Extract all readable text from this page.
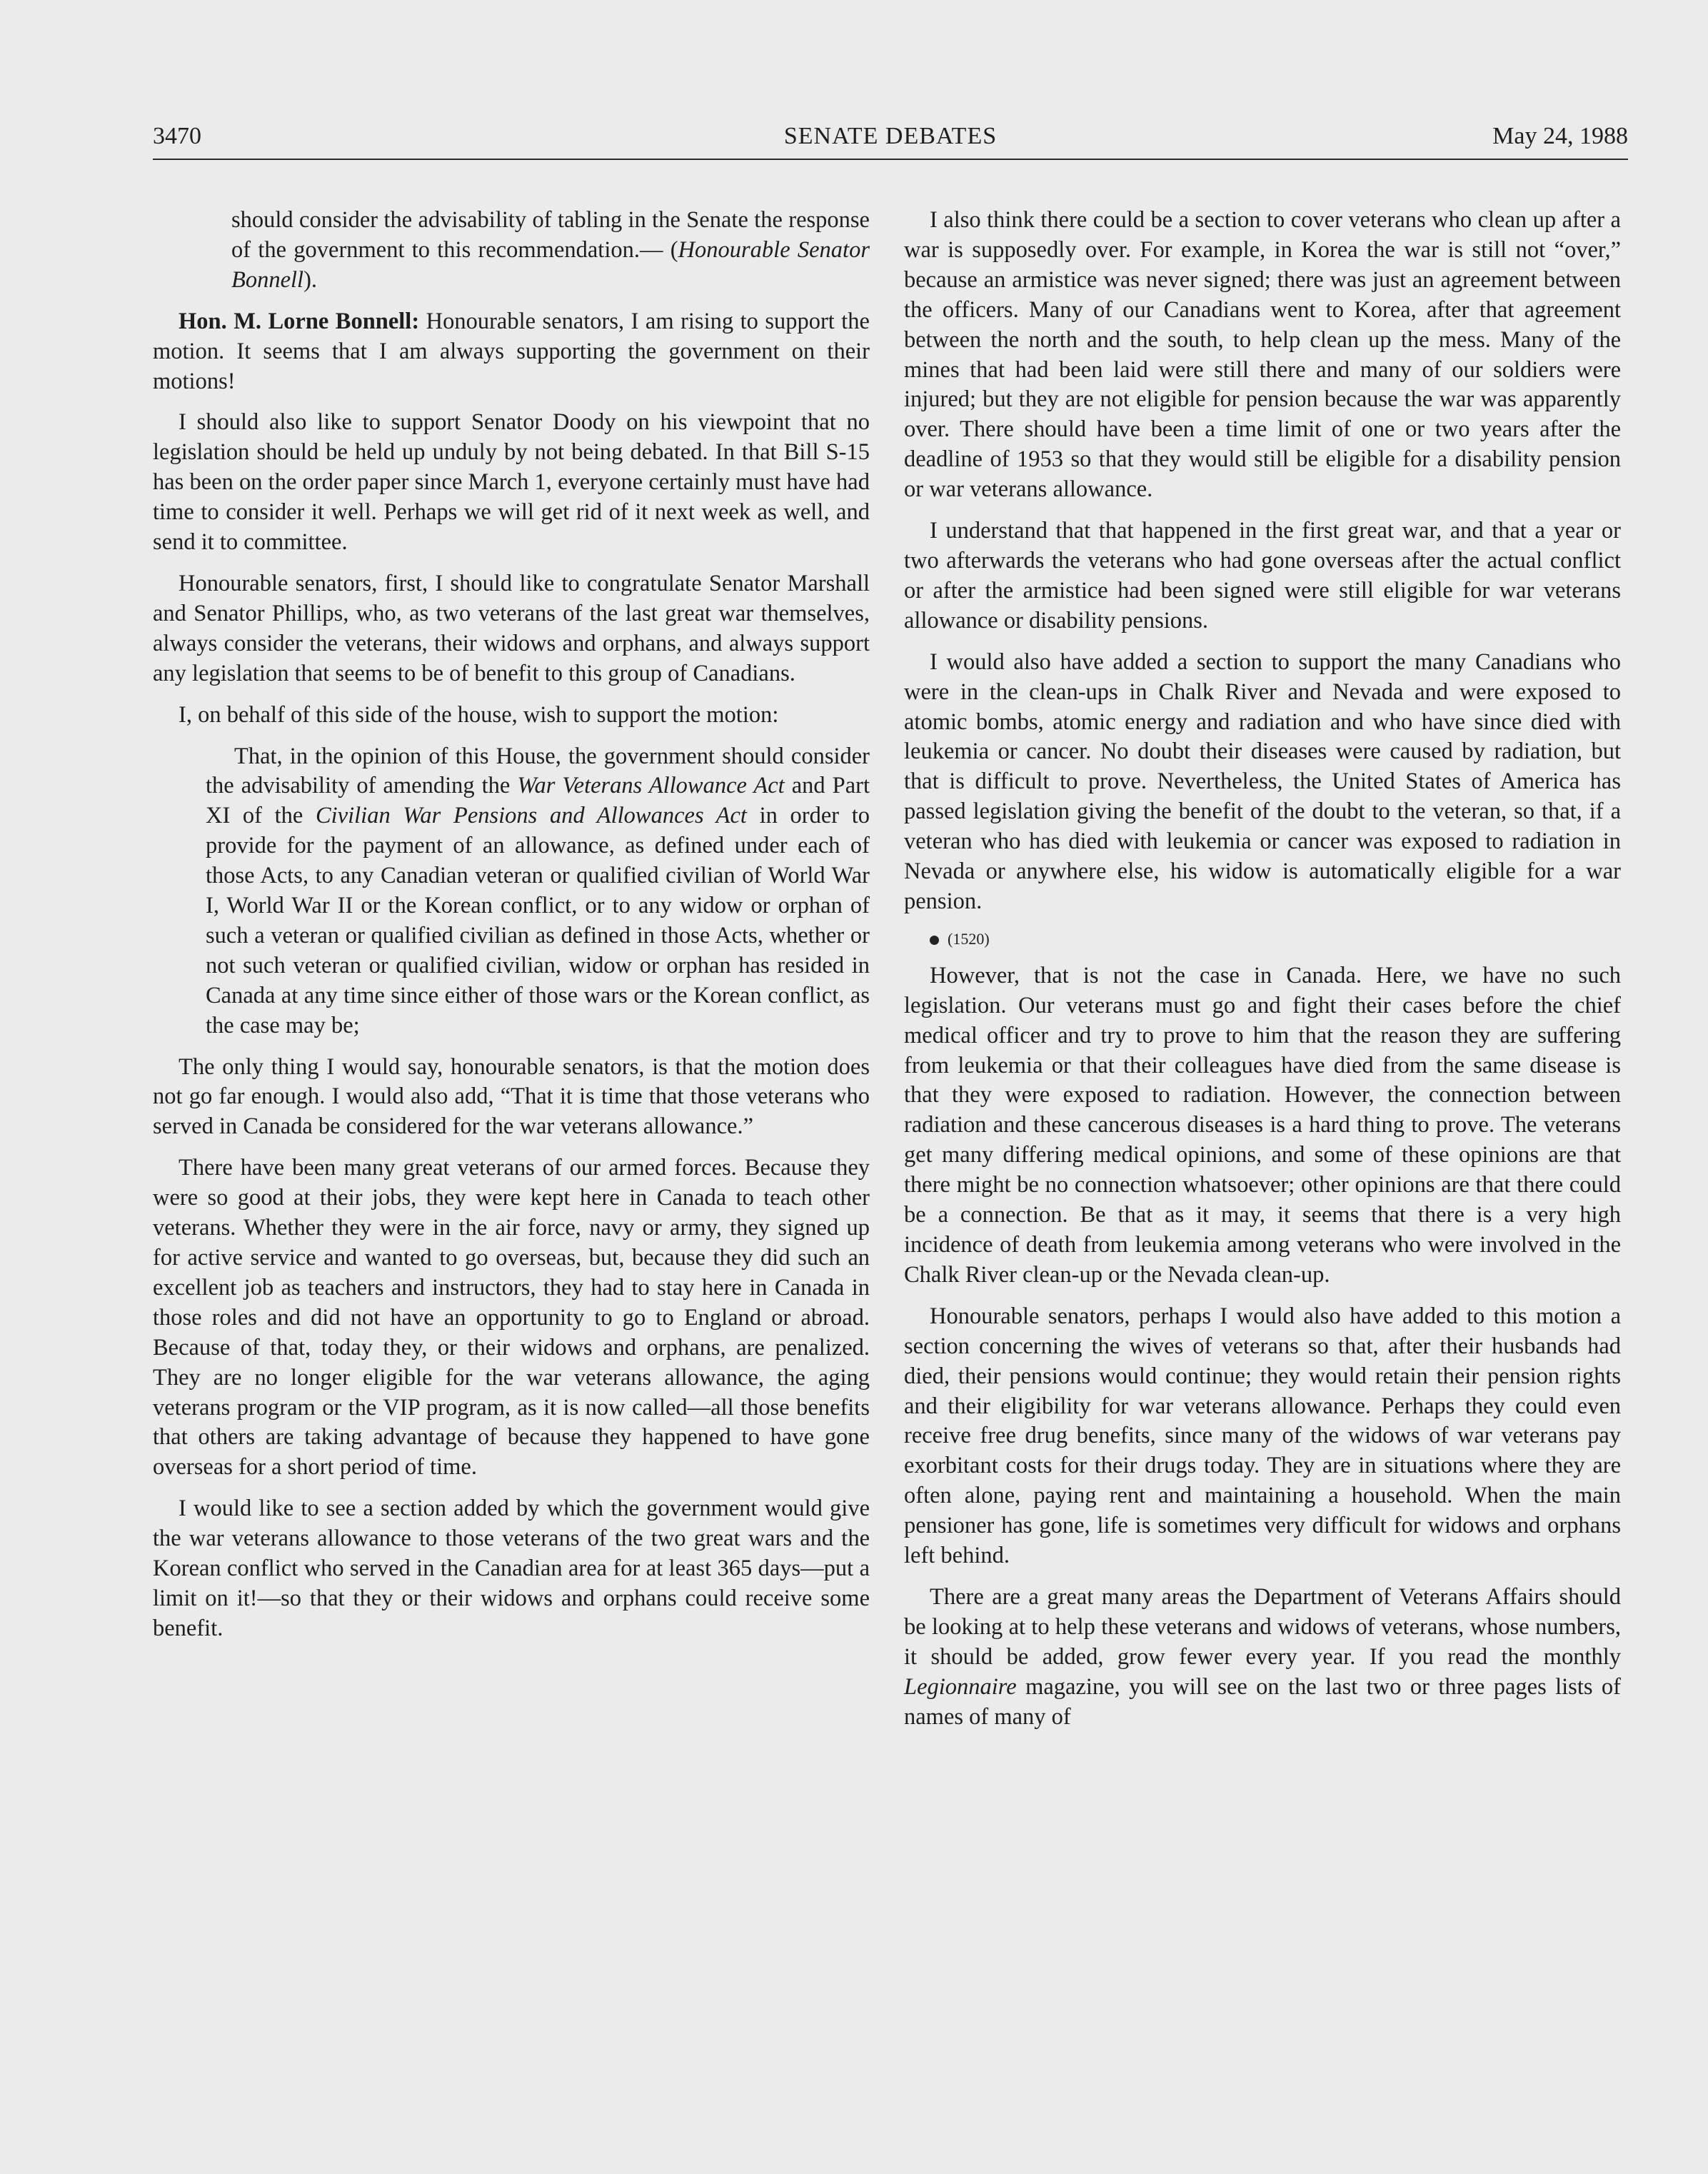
3470	SENATE DEBATES	May 24, 1988

should consider the advisability of tabling in the Senate the response of the government to this recommendation.— (Honourable Senator Bonnell).

Hon. M. Lorne Bonnell: Honourable senators, I am rising to support the motion. It seems that I am always supporting the government on their motions!

I should also like to support Senator Doody on his viewpoint that no legislation should be held up unduly by not being debated. In that Bill S-15 has been on the order paper since March 1, everyone certainly must have had time to consider it well. Perhaps we will get rid of it next week as well, and send it to committee.

Honourable senators, first, I should like to congratulate Senator Marshall and Senator Phillips, who, as two veterans of the last great war themselves, always consider the veterans, their widows and orphans, and always support any legislation that seems to be of benefit to this group of Canadians.

I, on behalf of this side of the house, wish to support the motion:

That, in the opinion of this House, the government should consider the advisability of amending the War Veterans Allowance Act and Part XI of the Civilian War Pensions and Allowances Act in order to provide for the payment of an allowance, as defined under each of those Acts, to any Canadian veteran or qualified civilian of World War I, World War II or the Korean conflict, or to any widow or orphan of such a veteran or qualified civilian as defined in those Acts, whether or not such veteran or qualified civilian, widow or orphan has resided in Canada at any time since either of those wars or the Korean conflict, as the case may be;

The only thing I would say, honourable senators, is that the motion does not go far enough. I would also add, “That it is time that those veterans who served in Canada be considered for the war veterans allowance.”

There have been many great veterans of our armed forces. Because they were so good at their jobs, they were kept here in Canada to teach other veterans. Whether they were in the air force, navy or army, they signed up for active service and wanted to go overseas, but, because they did such an excellent job as teachers and instructors, they had to stay here in Canada in those roles and did not have an opportunity to go to England or abroad. Because of that, today they, or their widows and orphans, are penalized. They are no longer eligible for the war veterans allowance, the aging veterans program or the VIP program, as it is now called—all those benefits that others are taking advantage of because they happened to have gone overseas for a short period of time.

I would like to see a section added by which the government would give the war veterans allowance to those veterans of the two great wars and the Korean conflict who served in the Canadian area for at least 365 days—put a limit on it!—so that they or their widows and orphans could receive some benefit.

I also think there could be a section to cover veterans who clean up after a war is supposedly over. For example, in Korea the war is still not “over,” because an armistice was never signed; there was just an agreement between the officers. Many of our Canadians went to Korea, after that agreement between the north and the south, to help clean up the mess. Many of the mines that had been laid were still there and many of our soldiers were injured; but they are not eligible for pension because the war was apparently over. There should have been a time limit of one or two years after the deadline of 1953 so that they would still be eligible for a disability pension or war veterans allowance.

I understand that that happened in the first great war, and that a year or two afterwards the veterans who had gone overseas after the actual conflict or after the armistice had been signed were still eligible for war veterans allowance or disability pensions.

I would also have added a section to support the many Canadians who were in the clean-ups in Chalk River and Nevada and were exposed to atomic bombs, atomic energy and radiation and who have since died with leukemia or cancer. No doubt their diseases were caused by radiation, but that is difficult to prove. Nevertheless, the United States of America has passed legislation giving the benefit of the doubt to the veteran, so that, if a veteran who has died with leukemia or cancer was exposed to radiation in Nevada or anywhere else, his widow is automatically eligible for a war pension.

(1520)

However, that is not the case in Canada. Here, we have no such legislation. Our veterans must go and fight their cases before the chief medical officer and try to prove to him that the reason they are suffering from leukemia or that their colleagues have died from the same disease is that they were exposed to radiation. However, the connection between radiation and these cancerous diseases is a hard thing to prove. The veterans get many differing medical opinions, and some of these opinions are that there might be no connection whatsoever; other opinions are that there could be a connection. Be that as it may, it seems that there is a very high incidence of death from leukemia among veterans who were involved in the Chalk River clean-up or the Nevada clean-up.

Honourable senators, perhaps I would also have added to this motion a section concerning the wives of veterans so that, after their husbands had died, their pensions would continue; they would retain their pension rights and their eligibility for war veterans allowance. Perhaps they could even receive free drug benefits, since many of the widows of war veterans pay exorbitant costs for their drugs today. They are in situations where they are often alone, paying rent and maintaining a household. When the main pensioner has gone, life is sometimes very difficult for widows and orphans left behind.

There are a great many areas the Department of Veterans Affairs should be looking at to help these veterans and widows of veterans, whose numbers, it should be added, grow fewer every year. If you read the monthly Legionnaire magazine, you will see on the last two or three pages lists of names of many of
